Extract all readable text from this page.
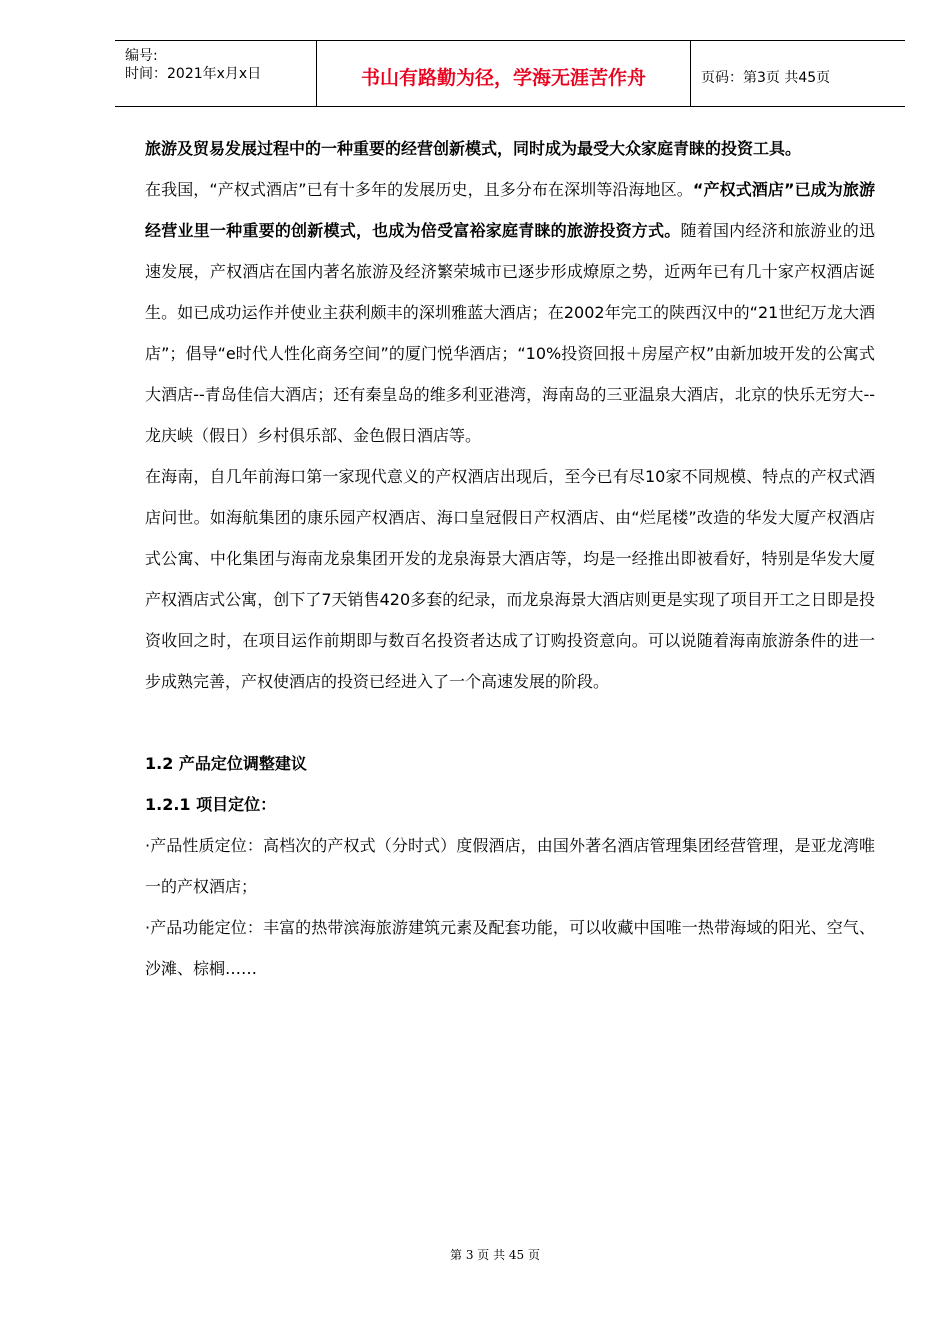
编号:
时间：2021年x月x日	书山有路勤为径，学海无涯苦作舟	页码：第3页 共45页

旅游及贸易发展过程中的一种重要的经营创新模式，同时成为最受大众家庭青睐的投资工具。

在我国，“产权式酒店”已有十多年的发展历史，且多分布在深圳等沿海地区。“产权式酒店”已成为旅游经营业里一种重要的创新模式，也成为倍受富裕家庭青睐的旅游投资方式。随着国内经济和旅游业的迅速发展，产权酒店在国内著名旅游及经济繁荣城市已逐步形成燎原之势，近两年已有几十家产权酒店诞生。如已成功运作并使业主获利颇丰的深圳雅蓝大酒店；在2002年完工的陕西汉中的“21世纪万龙大酒店”；倡导“e时代人性化商务空间”的厦门悦华酒店；“10%投资回报＋房屋产权”由新加坡开发的公寓式大酒店--青岛佳信大酒店；还有秦皇岛的维多利亚港湾，海南岛的三亚温泉大酒店，北京的快乐无穷大--龙庆峡（假日）乡村俱乐部、金色假日酒店等。

在海南，自几年前海口第一家现代意义的产权酒店出现后，至今已有尽10家不同规模、特点的产权式酒店问世。如海航集团的康乐园产权酒店、海口皇冠假日产权酒店、由“烂尾楼”改造的华发大厦产权酒店式公寓、中化集团与海南龙泉集团开发的龙泉海景大酒店等，均是一经推出即被看好，特别是华发大厦产权酒店式公寓，创下了7天销售420多套的纪录，而龙泉海景大酒店则更是实现了项目开工之日即是投资收回之时，在项目运作前期即与数百名投资者达成了订购投资意向。可以说随着海南旅游条件的进一步成熟完善，产权使酒店的投资已经进入了一个高速发展的阶段。

1.2 产品定位调整建议

1.2.1 项目定位：

·产品性质定位：高档次的产权式（分时式）度假酒店，由国外著名酒店管理集团经营管理，是亚龙湾唯一的产权酒店；

·产品功能定位：丰富的热带滨海旅游建筑元素及配套功能，可以收藏中国唯一热带海域的阳光、空气、沙滩、棕榈……

第 3 页 共 45 页
